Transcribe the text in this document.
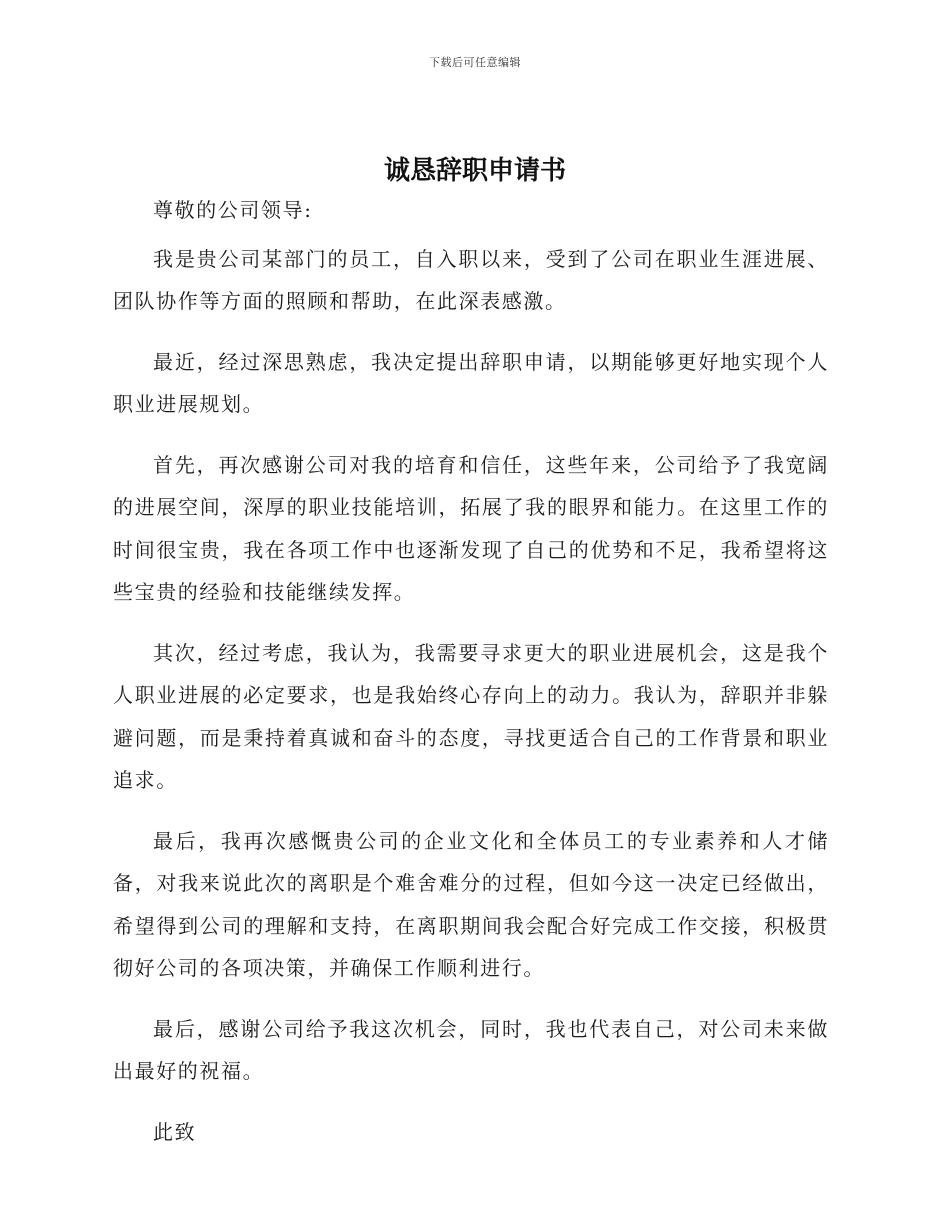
下载后可任意编辑
诚恳辞职申请书

尊敬的公司领导:

我是贵公司某部门的员工，自入职以来，受到了公司在职业生涯进展、团队协作等方面的照顾和帮助，在此深表感激。

最近，经过深思熟虑，我决定提出辞职申请，以期能够更好地实现个人职业进展规划。

首先，再次感谢公司对我的培育和信任，这些年来，公司给予了我宽阔的进展空间，深厚的职业技能培训，拓展了我的眼界和能力。在这里工作的时间很宝贵，我在各项工作中也逐渐发现了自己的优势和不足，我希望将这些宝贵的经验和技能继续发挥。

其次，经过考虑，我认为，我需要寻求更大的职业进展机会，这是我个人职业进展的必定要求，也是我始终心存向上的动力。我认为，辞职并非躲避问题，而是秉持着真诚和奋斗的态度，寻找更适合自己的工作背景和职业追求。

最后，我再次感慨贵公司的企业文化和全体员工的专业素养和人才储备，对我来说此次的离职是个难舍难分的过程，但如今这一决定已经做出，希望得到公司的理解和支持，在离职期间我会配合好完成工作交接，积极贯彻好公司的各项决策，并确保工作顺利进行。

最后，感谢公司给予我这次机会，同时，我也代表自己，对公司未来做出最好的祝福。

此致
